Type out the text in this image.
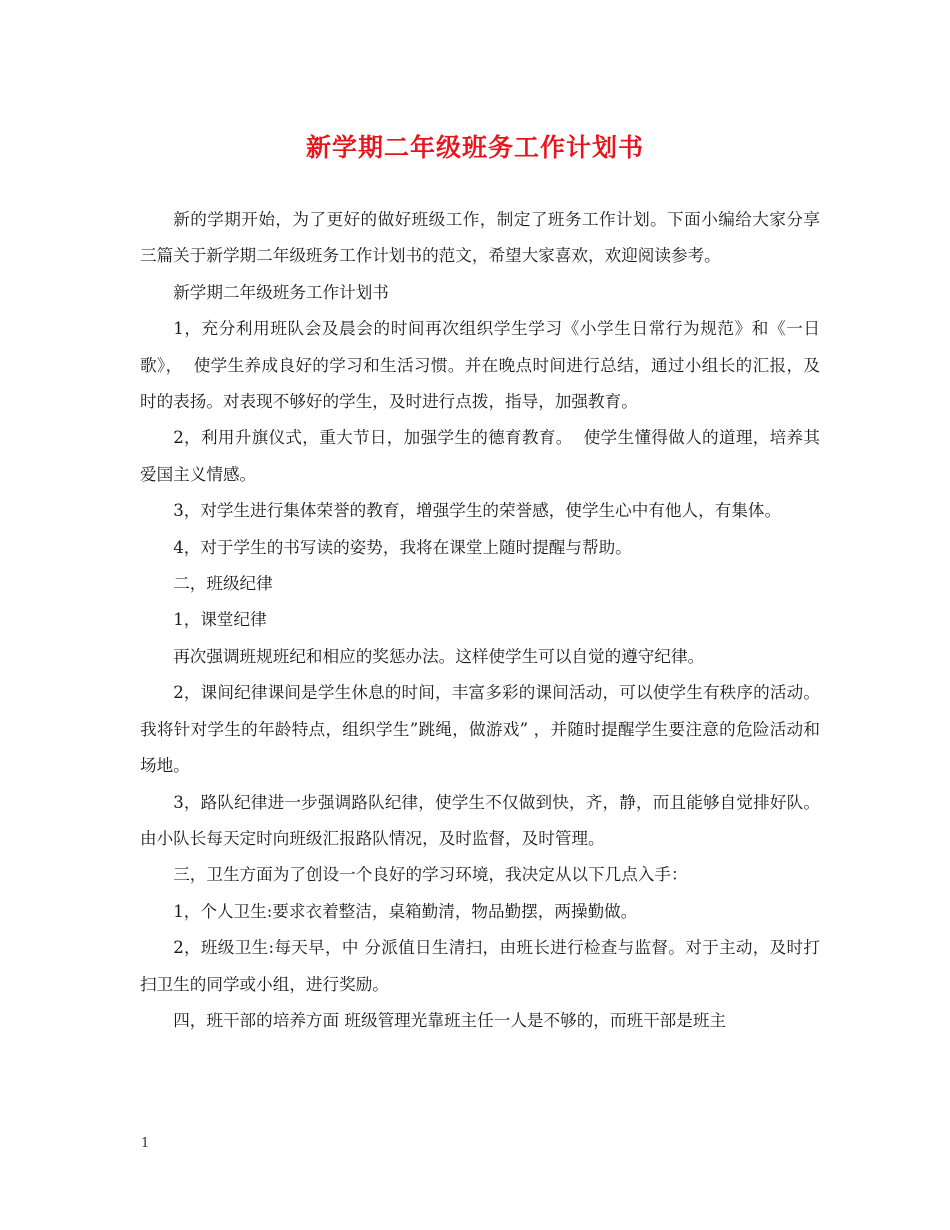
新学期二年级班务工作计划书

新的学期开始，为了更好的做好班级工作，制定了班务工作计划。下面小编给大家分享三篇关于新学期二年级班务工作计划书的范文，希望大家喜欢，欢迎阅读参考。

新学期二年级班务工作计划书

1，充分利用班队会及晨会的时间再次组织学生学习《小学生日常行为规范》和《一日歌》，  使学生养成良好的学习和生活习惯。并在晚点时间进行总结，通过小组长的汇报，及时的表扬。对表现不够好的学生，及时进行点拨，指导，加强教育。

2，利用升旗仪式，重大节日，加强学生的德育教育。  使学生懂得做人的道理，培养其爱国主义情感。

3，对学生进行集体荣誉的教育，增强学生的荣誉感，使学生心中有他人，有集体。

4，对于学生的书写读的姿势，我将在课堂上随时提醒与帮助。

二，班级纪律

1，课堂纪律

再次强调班规班纪和相应的奖惩办法。这样使学生可以自觉的遵守纪律。

2，课间纪律课间是学生休息的时间，丰富多彩的课间活动，可以使学生有秩序的活动。我将针对学生的年龄特点，组织学生”跳绳，做游戏” ，并随时提醒学生要注意的危险活动和场地。

3，路队纪律进一步强调路队纪律，使学生不仅做到快，齐，静，而且能够自觉排好队。由小队长每天定时向班级汇报路队情况，及时监督，及时管理。

三，卫生方面为了创设一个良好的学习环境，我决定从以下几点入手：

1，个人卫生:要求衣着整洁，桌箱勤清，物品勤摆，两操勤做。

2，班级卫生:每天早，中 分派值日生清扫，由班长进行检查与监督。对于主动，及时打扫卫生的同学或小组，进行奖励。

四，班干部的培养方面 班级管理光靠班主任一人是不够的，而班干部是班主

1
